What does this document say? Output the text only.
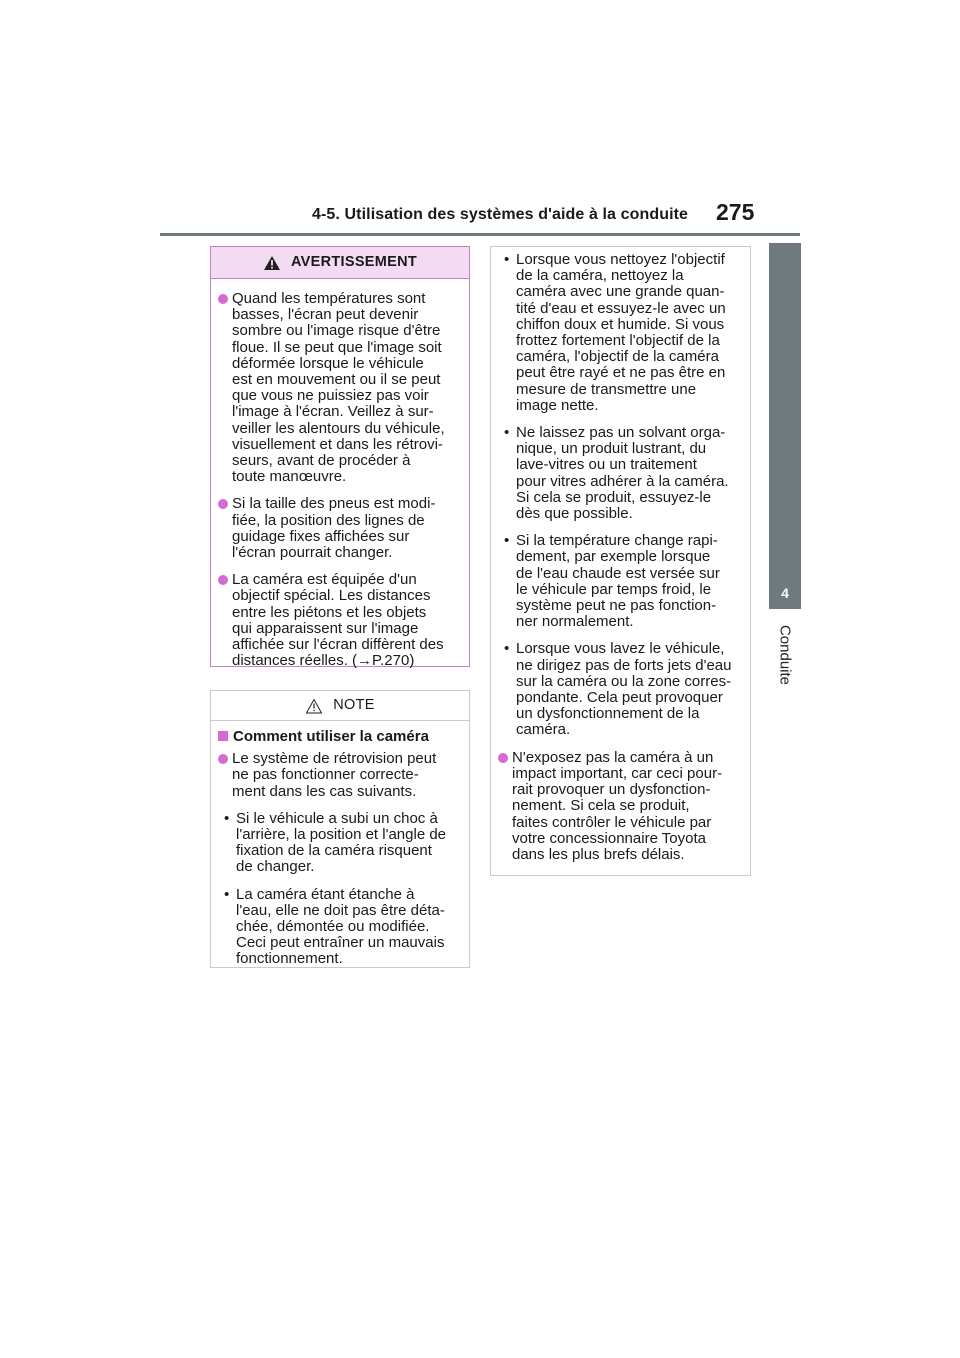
4-5. Utilisation des systèmes d'aide à la conduite 275
4
Conduite
AVERTISSEMENT
Quand les températures sont
basses, l'écran peut devenir
sombre ou l'image risque d'être
floue. Il se peut que l'image soit
déformée lorsque le véhicule
est en mouvement ou il se peut
que vous ne puissiez pas voir
l'image à l'écran. Veillez à sur-
veiller les alentours du véhicule,
visuellement et dans les rétrovi-
seurs, avant de procéder à
toute manœuvre.
Si la taille des pneus est modi-
fiée, la position des lignes de
guidage fixes affichées sur
l'écran pourrait changer.
La caméra est équipée d'un
objectif spécial. Les distances
entre les piétons et les objets
qui apparaissent sur l'image
affichée sur l'écran diffèrent des
distances réelles. (→P.270)
NOTE
Comment utiliser la caméra
Le système de rétrovision peut
ne pas fonctionner correcte-
ment dans les cas suivants.
• Si le véhicule a subi un choc à
l'arrière, la position et l'angle de
fixation de la caméra risquent
de changer.
• La caméra étant étanche à
l'eau, elle ne doit pas être déta-
chée, démontée ou modifiée.
Ceci peut entraîner un mauvais
fonctionnement.
• Lorsque vous nettoyez l'objectif
de la caméra, nettoyez la
caméra avec une grande quan-
tité d'eau et essuyez-le avec un
chiffon doux et humide. Si vous
frottez fortement l'objectif de la
caméra, l'objectif de la caméra
peut être rayé et ne pas être en
mesure de transmettre une
image nette.
• Ne laissez pas un solvant orga-
nique, un produit lustrant, du
lave-vitres ou un traitement
pour vitres adhérer à la caméra.
Si cela se produit, essuyez-le
dès que possible.
• Si la température change rapi-
dement, par exemple lorsque
de l'eau chaude est versée sur
le véhicule par temps froid, le
système peut ne pas fonction-
ner normalement.
• Lorsque vous lavez le véhicule,
ne dirigez pas de forts jets d'eau
sur la caméra ou la zone corres-
pondante. Cela peut provoquer
un dysfonctionnement de la
caméra.
N'exposez pas la caméra à un
impact important, car ceci pour-
rait provoquer un dysfonction-
nement. Si cela se produit,
faites contrôler le véhicule par
votre concessionnaire Toyota
dans les plus brefs délais.
